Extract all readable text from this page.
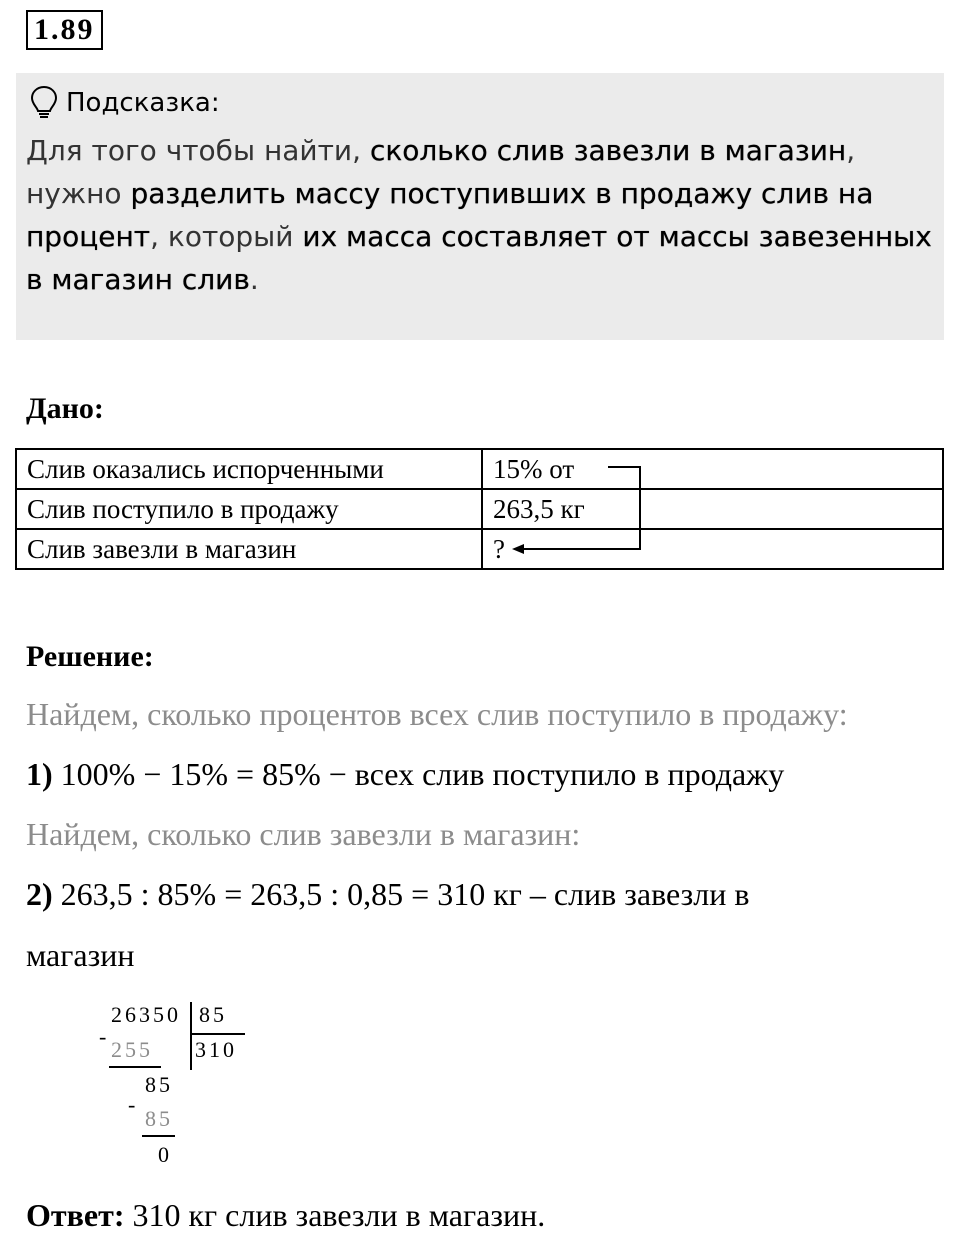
1.89
Подсказка:
Для того чтобы найти, сколько слив завезли в магазин, нужно разделить массу поступивших в продажу слив на процент, который их масса составляет от массы завезенных в магазин слив.
Дано:
Слив оказались испорченными	15% от
Слив поступило в продажу	263,5 кг
Слив завезли в магазин	?
Решение:
Найдем, сколько процентов всех слив поступило в продажу:
1) 100% − 15% = 85% − всех слив поступило в продажу
Найдем, сколько слив завезли в магазин:
2) 263,5 : 85% = 263,5 : 0,85 = 310 кг – слив завезли в
магазин
26350 85
310
-
255
85
-
85
0
Ответ: 310 кг слив завезли в магазин.
